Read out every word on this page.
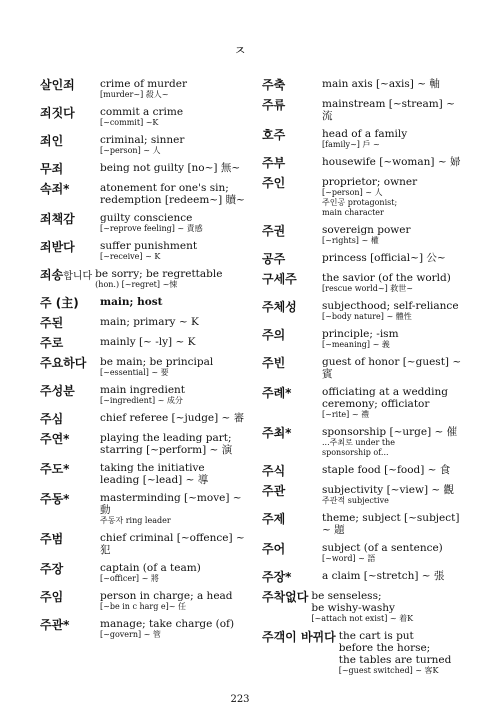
ㅈ
살인죄	crime of murder
[murder~] 殺人~
죄짓다	commit a crime
[~commit] ~K
죄인	criminal; sinner
[~person] ~ 人
무죄	being not guilty [no~] 無~
속죄*	atonement for one's sin;
redemption [redeem~] 贖~
죄책감	guilty conscience
[~reprove feeling] ~ 責感
죄받다	suffer punishment
[~receive] ~ K
죄송합니다 be sorry; be regrettable
(hon.) [~regret] ~悚
주 (主)	main; host
주된	main; primary ~ K
주로	mainly [~ -ly] ~ K
주요하다	be main; be principal
[~essential] ~ 要
주성분	main ingredient
[~ingredient] ~ 成分
주심	chief referee [~judge] ~ 審
주연*	playing the leading part;
starring [~perform] ~ 演
주도*	taking the initiative
leading [~lead] ~ 導
주동*	masterminding [~move] ~ 動
주동자 ring leader
주범	chief criminal [~offence] ~犯
주장	captain (of a team)
[~officer] ~ 將
주임	person in charge; a head
[~be in c harg e]~ 任
주관*	manage; take charge (of)
[~govern] ~ 管
주축	main axis [~axis] ~ 軸
주류	mainstream [~stream] ~ 流
호주	head of a family
[family~] 戶 ~
주부	housewife [~woman] ~ 婦
주인	proprietor; owner
[~person] ~ 人
주인공 protagonist;
main character
주권	sovereign power
[~rights] ~ 權
공주	princess [official~] 公~
구세주	the savior (of the world)
[rescue world~] 救世~
주체성	subjecthood; self-reliance
[~body nature] ~ 體性
주의	principle; -ism
[~meaning] ~ 義
주빈	guest of honor [~guest] ~ 賓
주례*	officiating at a wedding
ceremony; officiator
[~rite] ~ 禮
주최*	sponsorship [~urge] ~ 催
...주최로 under the
sponsorship of...
주식	staple food [~food] ~ 食
주관	subjectivity [~view] ~ 觀
주관적 subjective
주제	theme; subject [~subject] ~ 題
주어	subject (of a sentence)
[~word] ~ 語
주장*	a claim [~stretch] ~ 張
주착없다 be senseless;
be wishy-washy
[~attach not exist] ~ 着K
주객이 바뀌다 the cart is put
before the horse;
the tables are turned
[~guest switched] ~ 客K
223
